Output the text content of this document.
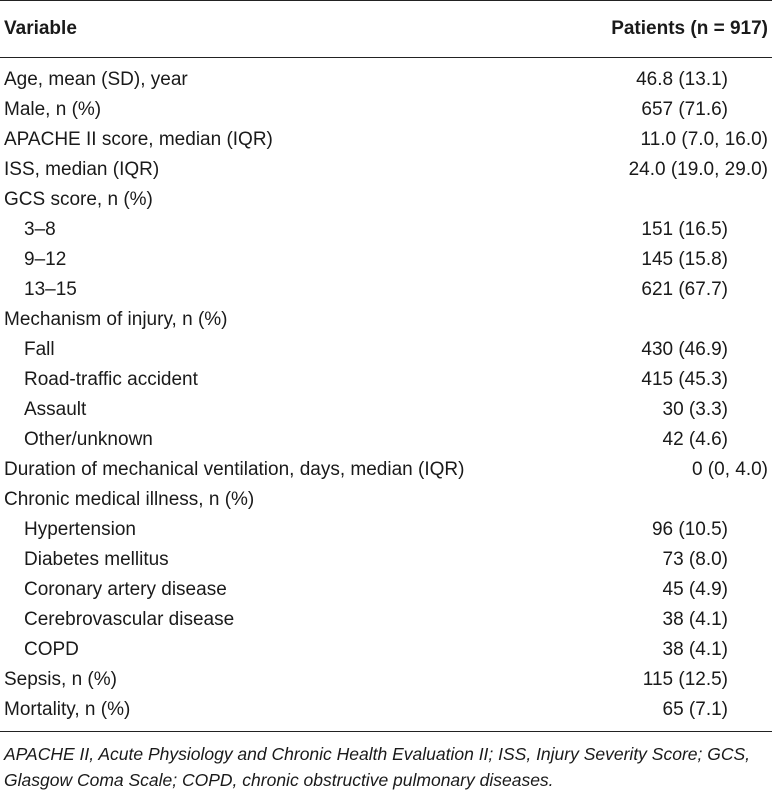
Variable	Patients (n = 917)
Age, mean (SD), year	46.8 (13.1)
Male, n (%)	657 (71.6)
APACHE II score, median (IQR)	11.0 (7.0, 16.0)
ISS, median (IQR)	24.0 (19.0, 29.0)
GCS score, n (%)
3–8	151 (16.5)
9–12	145 (15.8)
13–15	621 (67.7)
Mechanism of injury, n (%)
Fall	430 (46.9)
Road-traffic accident	415 (45.3)
Assault	30 (3.3)
Other/unknown	42 (4.6)
Duration of mechanical ventilation, days, median (IQR)	0 (0, 4.0)
Chronic medical illness, n (%)
Hypertension	96 (10.5)
Diabetes mellitus	73 (8.0)
Coronary artery disease	45 (4.9)
Cerebrovascular disease	38 (4.1)
COPD	38 (4.1)
Sepsis, n (%)	115 (12.5)
Mortality, n (%)	65 (7.1)
APACHE II, Acute Physiology and Chronic Health Evaluation II; ISS, Injury Severity Score; GCS, Glasgow Coma Scale; COPD, chronic obstructive pulmonary diseases.
